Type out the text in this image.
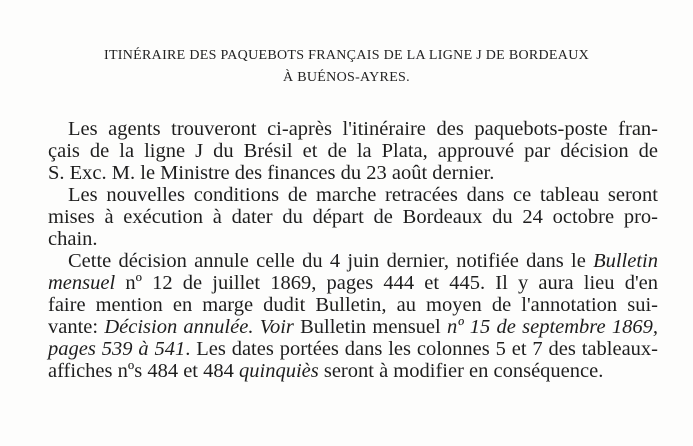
ITINÉRAIRE DES PAQUEBOTS FRANÇAIS DE LA LIGNE J DE BORDEAUX
À BUÉNOS-AYRES.
Les agents trouveront ci-après l'itinéraire des paquebots-poste fran-
çais de la ligne J du Brésil et de la Plata, approuvé par décision de
S. Exc. M. le Ministre des finances du 23 août dernier.
Les nouvelles conditions de marche retracées dans ce tableau seront
mises à exécution à dater du départ de Bordeaux du 24 octobre pro-
chain.
Cette décision annule celle du 4 juin dernier, notifiée dans le Bulletin
mensuel nº 12 de juillet 1869, pages 444 et 445. Il y aura lieu d'en
faire mention en marge dudit Bulletin, au moyen de l'annotation sui-
vante: Décision annulée. Voir Bulletin mensuel nº 15 de septembre 1869,
pages 539 à 541. Les dates portées dans les colonnes 5 et 7 des tableaux-
affiches nºs 484 et 484 quinquiès seront à modifier en conséquence.
